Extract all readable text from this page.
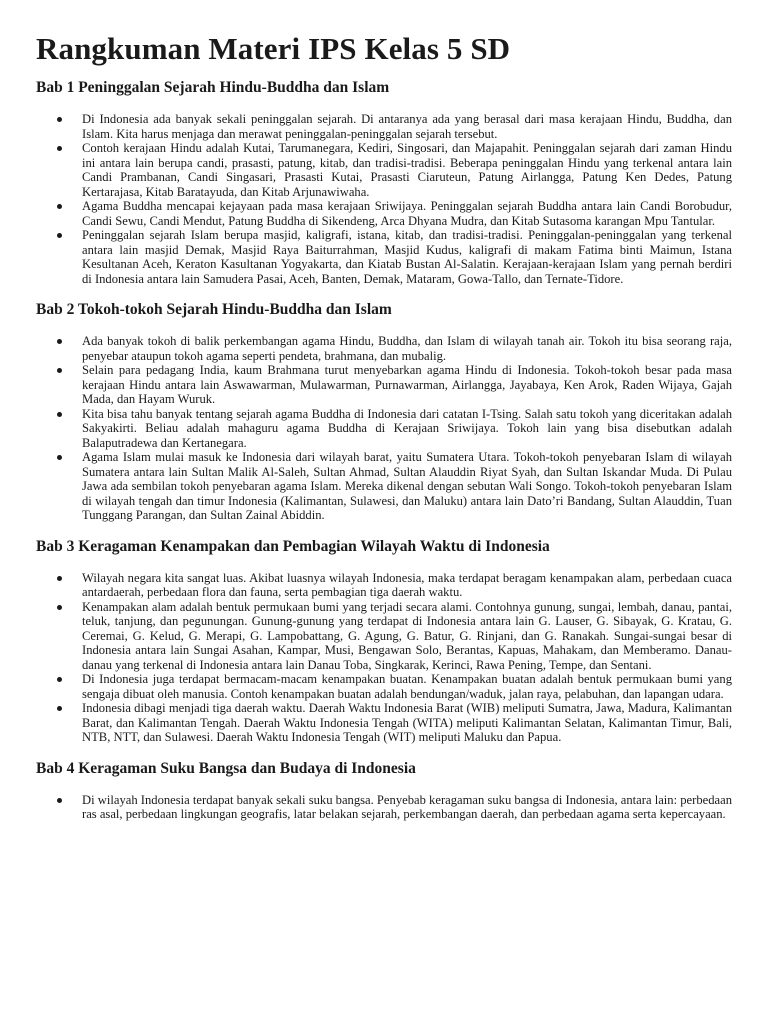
Rangkuman Materi IPS Kelas 5 SD
Bab 1 Peninggalan Sejarah Hindu-Buddha dan Islam
Di Indonesia ada banyak sekali peninggalan sejarah. Di antaranya ada yang berasal dari masa kerajaan Hindu, Buddha, dan Islam. Kita harus menjaga dan merawat peninggalan-peninggalan sejarah tersebut.
Contoh kerajaan Hindu adalah Kutai, Tarumanegara, Kediri, Singosari, dan Majapahit. Peninggalan sejarah dari zaman Hindu ini antara lain berupa candi, prasasti, patung, kitab, dan tradisi-tradisi. Beberapa peninggalan Hindu yang terkenal antara lain Candi Prambanan, Candi Singasari, Prasasti Kutai, Prasasti Ciaruteun, Patung Airlangga, Patung Ken Dedes, Patung Kertarajasa, Kitab Baratayuda, dan Kitab Arjunawiwaha.
Agama Buddha mencapai kejayaan pada masa kerajaan Sriwijaya. Peninggalan sejarah Buddha antara lain Candi Borobudur, Candi Sewu, Candi Mendut, Patung Buddha di Sikendeng, Arca Dhyana Mudra, dan Kitab Sutasoma karangan Mpu Tantular.
Peninggalan sejarah Islam berupa masjid, kaligrafi, istana, kitab, dan tradisi-tradisi. Peninggalan-peninggalan yang terkenal antara lain masjid Demak, Masjid Raya Baiturrahman, Masjid Kudus, kaligrafi di makam Fatima binti Maimun, Istana Kesultanan Aceh, Keraton Kasultanan Yogyakarta, dan Kiatab Bustan Al-Salatin. Kerajaan-kerajaan Islam yang pernah berdiri di Indonesia antara lain Samudera Pasai, Aceh, Banten, Demak, Mataram, Gowa-Tallo, dan Ternate-Tidore.
Bab 2 Tokoh-tokoh Sejarah Hindu-Buddha dan Islam
Ada banyak tokoh di balik perkembangan agama Hindu, Buddha, dan Islam di wilayah tanah air. Tokoh itu bisa seorang raja, penyebar ataupun tokoh agama seperti pendeta, brahmana, dan mubalig.
Selain para pedagang India, kaum Brahmana turut menyebarkan agama Hindu di Indonesia. Tokoh-tokoh besar pada masa kerajaan Hindu antara lain Aswawarman, Mulawarman, Purnawarman, Airlangga, Jayabaya, Ken Arok, Raden Wijaya, Gajah Mada, dan Hayam Wuruk.
Kita bisa tahu banyak tentang sejarah agama Buddha di Indonesia dari catatan I-Tsing. Salah satu tokoh yang diceritakan adalah Sakyakirti. Beliau adalah mahaguru agama Buddha di Kerajaan Sriwijaya. Tokoh lain yang bisa disebutkan adalah Balaputradewa dan Kertanegara.
Agama Islam mulai masuk ke Indonesia dari wilayah barat, yaitu Sumatera Utara. Tokoh-tokoh penyebaran Islam di wilayah Sumatera antara lain Sultan Malik Al-Saleh, Sultan Ahmad, Sultan Alauddin Riyat Syah, dan Sultan Iskandar Muda. Di Pulau Jawa ada sembilan tokoh penyebaran agama Islam. Mereka dikenal dengan sebutan Wali Songo. Tokoh-tokoh penyebaran Islam di wilayah tengah dan timur Indonesia (Kalimantan, Sulawesi, dan Maluku) antara lain Dato’ri Bandang, Sultan Alauddin, Tuan Tunggang Parangan, dan Sultan Zainal Abiddin.
Bab 3 Keragaman Kenampakan dan Pembagian Wilayah Waktu di Indonesia
Wilayah negara kita sangat luas. Akibat luasnya wilayah Indonesia, maka terdapat beragam kenampakan alam, perbedaan cuaca antardaerah, perbedaan flora dan fauna, serta pembagian tiga daerah waktu.
Kenampakan alam adalah bentuk permukaan bumi yang terjadi secara alami. Contohnya gunung, sungai, lembah, danau, pantai, teluk, tanjung, dan pegunungan. Gunung-gunung yang terdapat di Indonesia antara lain G. Lauser, G. Sibayak, G. Kratau, G. Ceremai, G. Kelud, G. Merapi, G. Lampobattang, G. Agung, G. Batur, G. Rinjani, dan G. Ranakah. Sungai-sungai besar di Indonesia antara lain Sungai Asahan, Kampar, Musi, Bengawan Solo, Berantas, Kapuas, Mahakam, dan Memberamo. Danau-danau yang terkenal di Indonesia antara lain Danau Toba, Singkarak, Kerinci, Rawa Pening, Tempe, dan Sentani.
Di Indonesia juga terdapat bermacam-macam kenampakan buatan. Kenampakan buatan adalah bentuk permukaan bumi yang sengaja dibuat oleh manusia. Contoh kenampakan buatan adalah bendungan/waduk, jalan raya, pelabuhan, dan lapangan udara.
Indonesia dibagi menjadi tiga daerah waktu. Daerah Waktu Indonesia Barat (WIB) meliputi Sumatra, Jawa, Madura, Kalimantan Barat, dan Kalimantan Tengah. Daerah Waktu Indonesia Tengah (WITA) meliputi Kalimantan Selatan, Kalimantan Timur, Bali, NTB, NTT, dan Sulawesi. Daerah Waktu Indonesia Tengah (WIT) meliputi Maluku dan Papua.
Bab 4 Keragaman Suku Bangsa dan Budaya di Indonesia
Di wilayah Indonesia terdapat banyak sekali suku bangsa. Penyebab keragaman suku bangsa di Indonesia, antara lain: perbedaan ras asal, perbedaan lingkungan geografis, latar belakan sejarah, perkembangan daerah, dan perbedaan agama serta kepercayaan.
